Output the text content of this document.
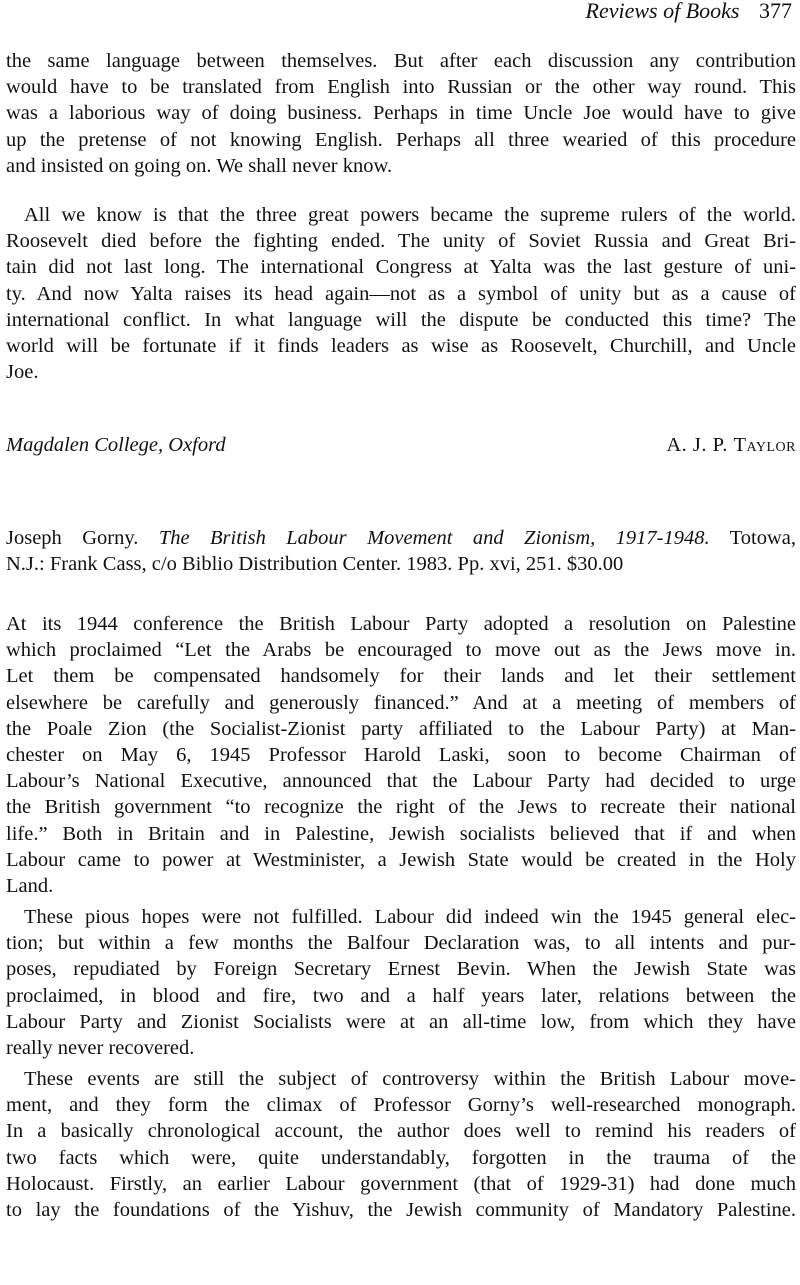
Reviews of Books 377
the same language between themselves. But after each discussion any contribution
would have to be translated from English into Russian or the other way round. This
was a laborious way of doing business. Perhaps in time Uncle Joe would have to give
up the pretense of not knowing English. Perhaps all three wearied of this procedure
and insisted on going on. We shall never know.
All we know is that the three great powers became the supreme rulers of the world.
Roosevelt died before the fighting ended. The unity of Soviet Russia and Great Bri-
tain did not last long. The international Congress at Yalta was the last gesture of uni-
ty. And now Yalta raises its head again—not as a symbol of unity but as a cause of
international conflict. In what language will the dispute be conducted this time? The
world will be fortunate if it finds leaders as wise as Roosevelt, Churchill, and Uncle
Joe.
Magdalen College, Oxford	A. J. P. Taylor
Joseph Gorny. The British Labour Movement and Zionism, 1917-1948. Totowa,
N.J.: Frank Cass, c/o Biblio Distribution Center. 1983. Pp. xvi, 251. $30.00
At its 1944 conference the British Labour Party adopted a resolution on Palestine
which proclaimed “Let the Arabs be encouraged to move out as the Jews move in.
Let them be compensated handsomely for their lands and let their settlement
elsewhere be carefully and generously financed.” And at a meeting of members of
the Poale Zion (the Socialist-Zionist party affiliated to the Labour Party) at Man-
chester on May 6, 1945 Professor Harold Laski, soon to become Chairman of
Labour’s National Executive, announced that the Labour Party had decided to urge
the British government “to recognize the right of the Jews to recreate their national
life.” Both in Britain and in Palestine, Jewish socialists believed that if and when
Labour came to power at Westminister, a Jewish State would be created in the Holy
Land.
These pious hopes were not fulfilled. Labour did indeed win the 1945 general elec-
tion; but within a few months the Balfour Declaration was, to all intents and pur-
poses, repudiated by Foreign Secretary Ernest Bevin. When the Jewish State was
proclaimed, in blood and fire, two and a half years later, relations between the
Labour Party and Zionist Socialists were at an all-time low, from which they have
really never recovered.
These events are still the subject of controversy within the British Labour move-
ment, and they form the climax of Professor Gorny’s well-researched monograph.
In a basically chronological account, the author does well to remind his readers of
two facts which were, quite understandably, forgotten in the trauma of the
Holocaust. Firstly, an earlier Labour government (that of 1929-31) had done much
to lay the foundations of the Yishuv, the Jewish community of Mandatory Palestine.
